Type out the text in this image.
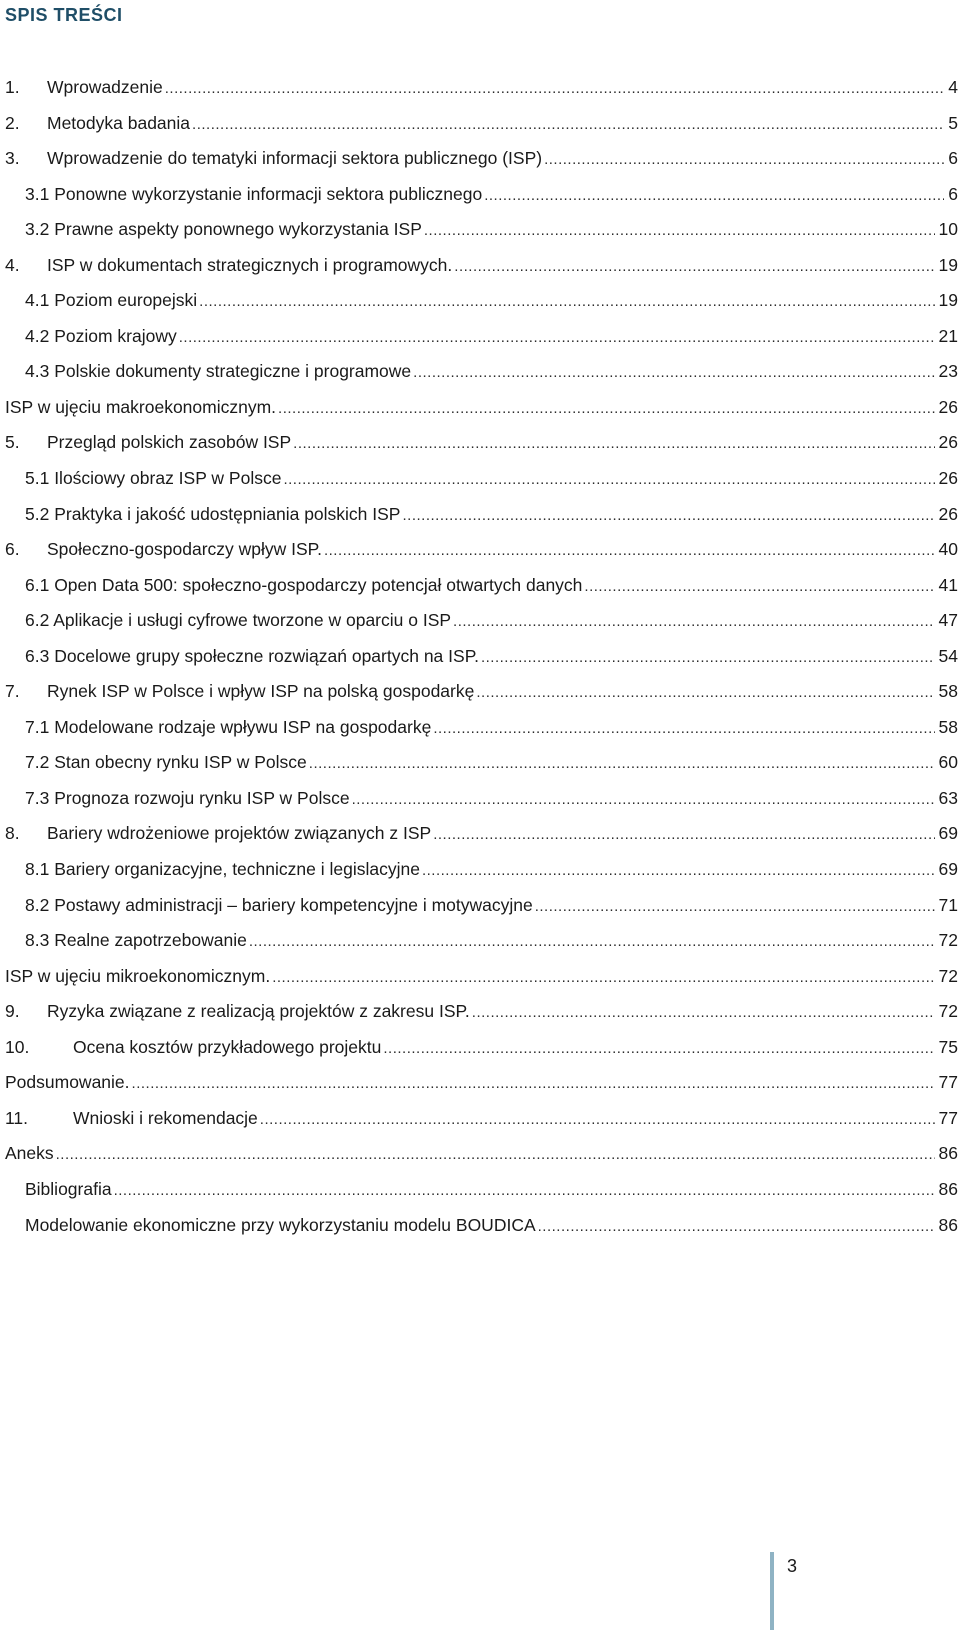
SPIS TREŚCI
1.	Wprowadzenie .....	4
2.	Metodyka badania .....	5
3.	Wprowadzenie do tematyki informacji sektora publicznego (ISP) .....	6
3.1 Ponowne wykorzystanie informacji sektora publicznego .....	6
3.2 Prawne aspekty ponownego wykorzystania ISP .....	10
4.	ISP w dokumentach strategicznych i programowych. .....	19
4.1 Poziom europejski .....	19
4.2 Poziom krajowy .....	21
4.3 Polskie dokumenty strategiczne i programowe .....	23
ISP w ujęciu makroekonomicznym. .....	26
5.	Przegląd polskich zasobów ISP .....	26
5.1 Ilościowy obraz ISP w Polsce .....	26
5.2 Praktyka i jakość udostępniania polskich ISP .....	26
6.	Społeczno-gospodarczy wpływ ISP. .....	40
6.1 Open Data 500: społeczno-gospodarczy potencjał otwartych danych .....	41
6.2 Aplikacje i usługi cyfrowe tworzone w oparciu o ISP .....	47
6.3 Docelowe grupy społeczne rozwiązań opartych na ISP. .....	54
7.	Rynek ISP w Polsce i wpływ ISP na polską gospodarkę .....	58
7.1 Modelowane rodzaje wpływu ISP na gospodarkę .....	58
7.2 Stan obecny rynku ISP w Polsce .....	60
7.3 Prognoza rozwoju rynku ISP w Polsce .....	63
8.	Bariery wdrożeniowe projektów związanych z ISP .....	69
8.1 Bariery organizacyjne, techniczne i legislacyjne .....	69
8.2 Postawy administracji – bariery kompetencyjne i motywacyjne .....	71
8.3 Realne zapotrzebowanie .....	72
ISP w ujęciu mikroekonomicznym. .....	72
9.	Ryzyka związane z realizacją projektów z zakresu ISP. .....	72
10.	Ocena kosztów przykładowego projektu .....	75
Podsumowanie. .....	77
11.	Wnioski i rekomendacje .....	77
Aneks .....	86
Bibliografia .....	86
Modelowanie ekonomiczne przy wykorzystaniu modelu BOUDICA .....	86
3
